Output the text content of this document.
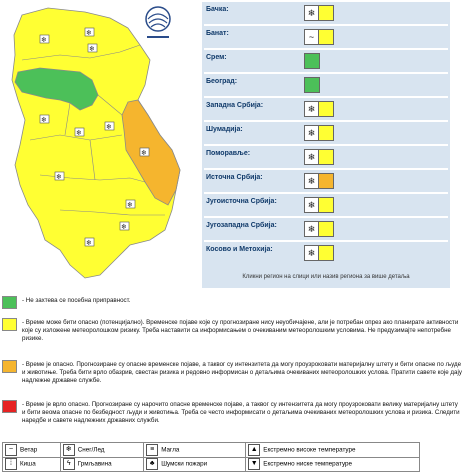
❄
❄
❄
❄
❄
❄
❄
❄
❄
❄
❄
Бачка:	❄
Банат:	~
Срем:
Београд:
Западна Србија:	❄
Шумадија:	❄
Поморавље:	❄
Источна Србија:	❄
Југоисточна Србија:	❄
Југозападна Србија:	❄
Косово и Метохија:	❄
Кликни регион на слици или назив региона за више детаља
- Не захтева се посебна приправност.
- Време може бити опасно (потенцијално). Временске појаве које су прогнозиране нису неуобичајене, али је потребан опрез ако планирате активности које су изложене метеоролошком ризику. Треба наставити са информисањем о очекиваним метеоролошким условима. Не предузимајте непотребне ризике.
- Време је опасно. Прогнозиране су опасне временске појаве, а таквог су интензитета да могу проузроковати материјалну штету и бити опасне по људе и животиње. Треба бити врло обазрив, свестан ризика и редовно информисан о детаљима очекиваних метеоролошких услова. Пратити савете које дају надлежне државне службе.
- Време је врло опасно. Прогнозиране су нарочито опасне временске појаве, а таквог су интензитета да могу проузроковати велику материјалну штету и бити веома опасне по безбедност људи и животиња. Треба се често информисати о детаљима очекиваних метеоролошких услова и ризика. Следити наредбе и савете надлежних државних служби.
~ Ветар	❄ Снег/Лед	≡ Магла	▲ Екстремно високе температуре
⁞ Киша	ϟ Грмљавина	♣ Шумски пожари	▼ Екстремно ниске температуре
